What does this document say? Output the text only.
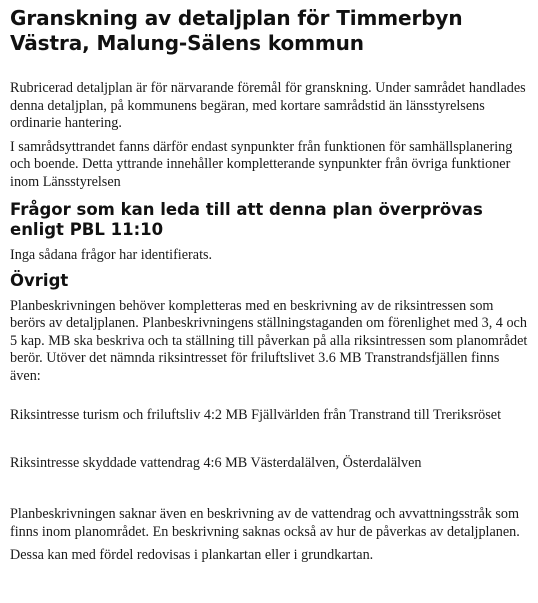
Granskning av detaljplan för Timmerbyn Västra, Malung-Sälens kommun

Rubricerad detaljplan är för närvarande föremål för granskning. Under samrådet handlades denna detaljplan, på kommunens begäran, med kortare samrådstid än länsstyrelsens ordinarie hantering.

I samrådsyttrandet fanns därför endast synpunkter från funktionen för samhällsplanering och boende. Detta yttrande innehåller kompletterande synpunkter från övriga funktioner inom Länsstyrelsen

Frågor som kan leda till att denna plan överprövas enligt PBL 11:10

Inga sådana frågor har identifierats.

Övrigt

Planbeskrivningen behöver kompletteras med en beskrivning av de riksintressen som berörs av detaljplanen. Planbeskrivningens ställningstaganden om förenlighet med 3, 4 och 5 kap. MB ska beskriva och ta ställning till påverkan på alla riksintressen som planområdet berör. Utöver det nämnda riksintresset för friluftslivet 3.6 MB Transtrandsfjällen finns även:

Riksintresse turism och friluftsliv 4:2 MB Fjällvärlden från Transtrand till Treriksröset

Riksintresse skyddade vattendrag 4:6 MB Västerdalälven, Österdalälven

Planbeskrivningen saknar även en beskrivning av de vattendrag och avvattningsstråk som finns inom planområdet. En beskrivning saknas också av hur de påverkas av detaljplanen.

Dessa kan med fördel redovisas i plankartan eller i grundkartan.
